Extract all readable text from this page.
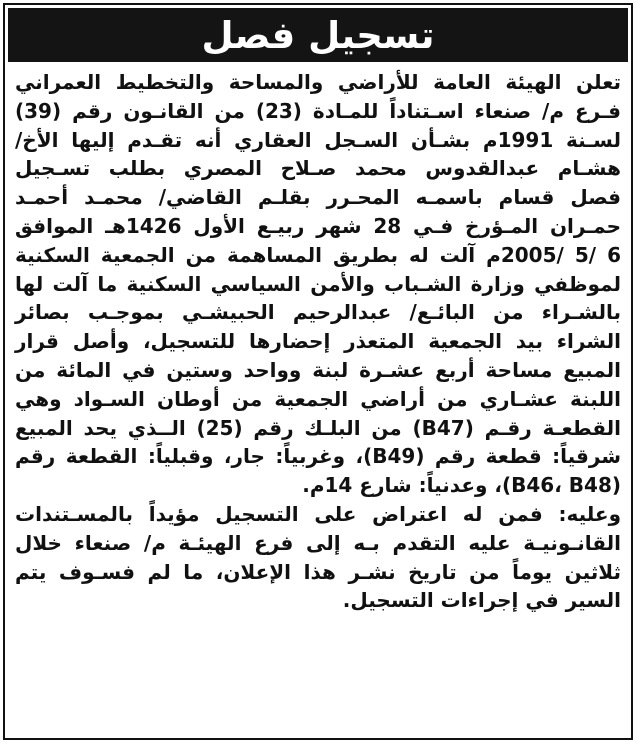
تسجيل فصل
تعلن الهيئة العامة للأراضي والمساحة والتخطيط العمراني
فـرع م/ صنعاء اسـتناداً للمـادة (23) من القانـون رقم (39)
لسـنة 1991م بشـأن السـجل العقاري أنه تقـدم إليها الأخ/
هشـام عبدالقدوس محمد صـلاح المصري بطلب تسـجيل
فصل قسام باسمـه المحـرر بقلـم القاضي/ محمـد أحمـد
حمـران المـؤرخ فـي 28 شهر ربيـع الأول 1426هـ الموافق
6 /5 /2005م آلت له بطريق المساهمة من الجمعية السكنية
لموظفي وزارة الشـباب والأمن السياسي السكنية ما آلت لها
بالشـراء من البائـع/ عبدالرحيم الحبيشـي بموجـب بصائر
الشراء بيد الجمعية المتعذر إحضارها للتسجيل، وأصل قرار
المبيع مساحة أربع عشـرة لبنة وواحد وستين في المائة من
اللبنة عشـاري من أراضي الجمعية من أوطان السـواد وهي
القطعـة رقـم (B47) من البلـك رقم (25) الــذي يحد المبيع
شرقياً: قطعة رقم (B49)، وغربياً: جار، وقبلياً: القطعة رقم
(B46، B48)، وعدنياً: شارع 14م.
وعليه: فمن له اعتراض على التسجيل مؤيداً بالمسـتندات
القانـونيـة عليه التقدم بـه إلى فرع الهيئـة م/ صنعاء خلال
ثلاثين يوماً من تاريخ نشـر هذا الإعلان، ما لم فسـوف يتم
السير في إجراءات التسجيل.
